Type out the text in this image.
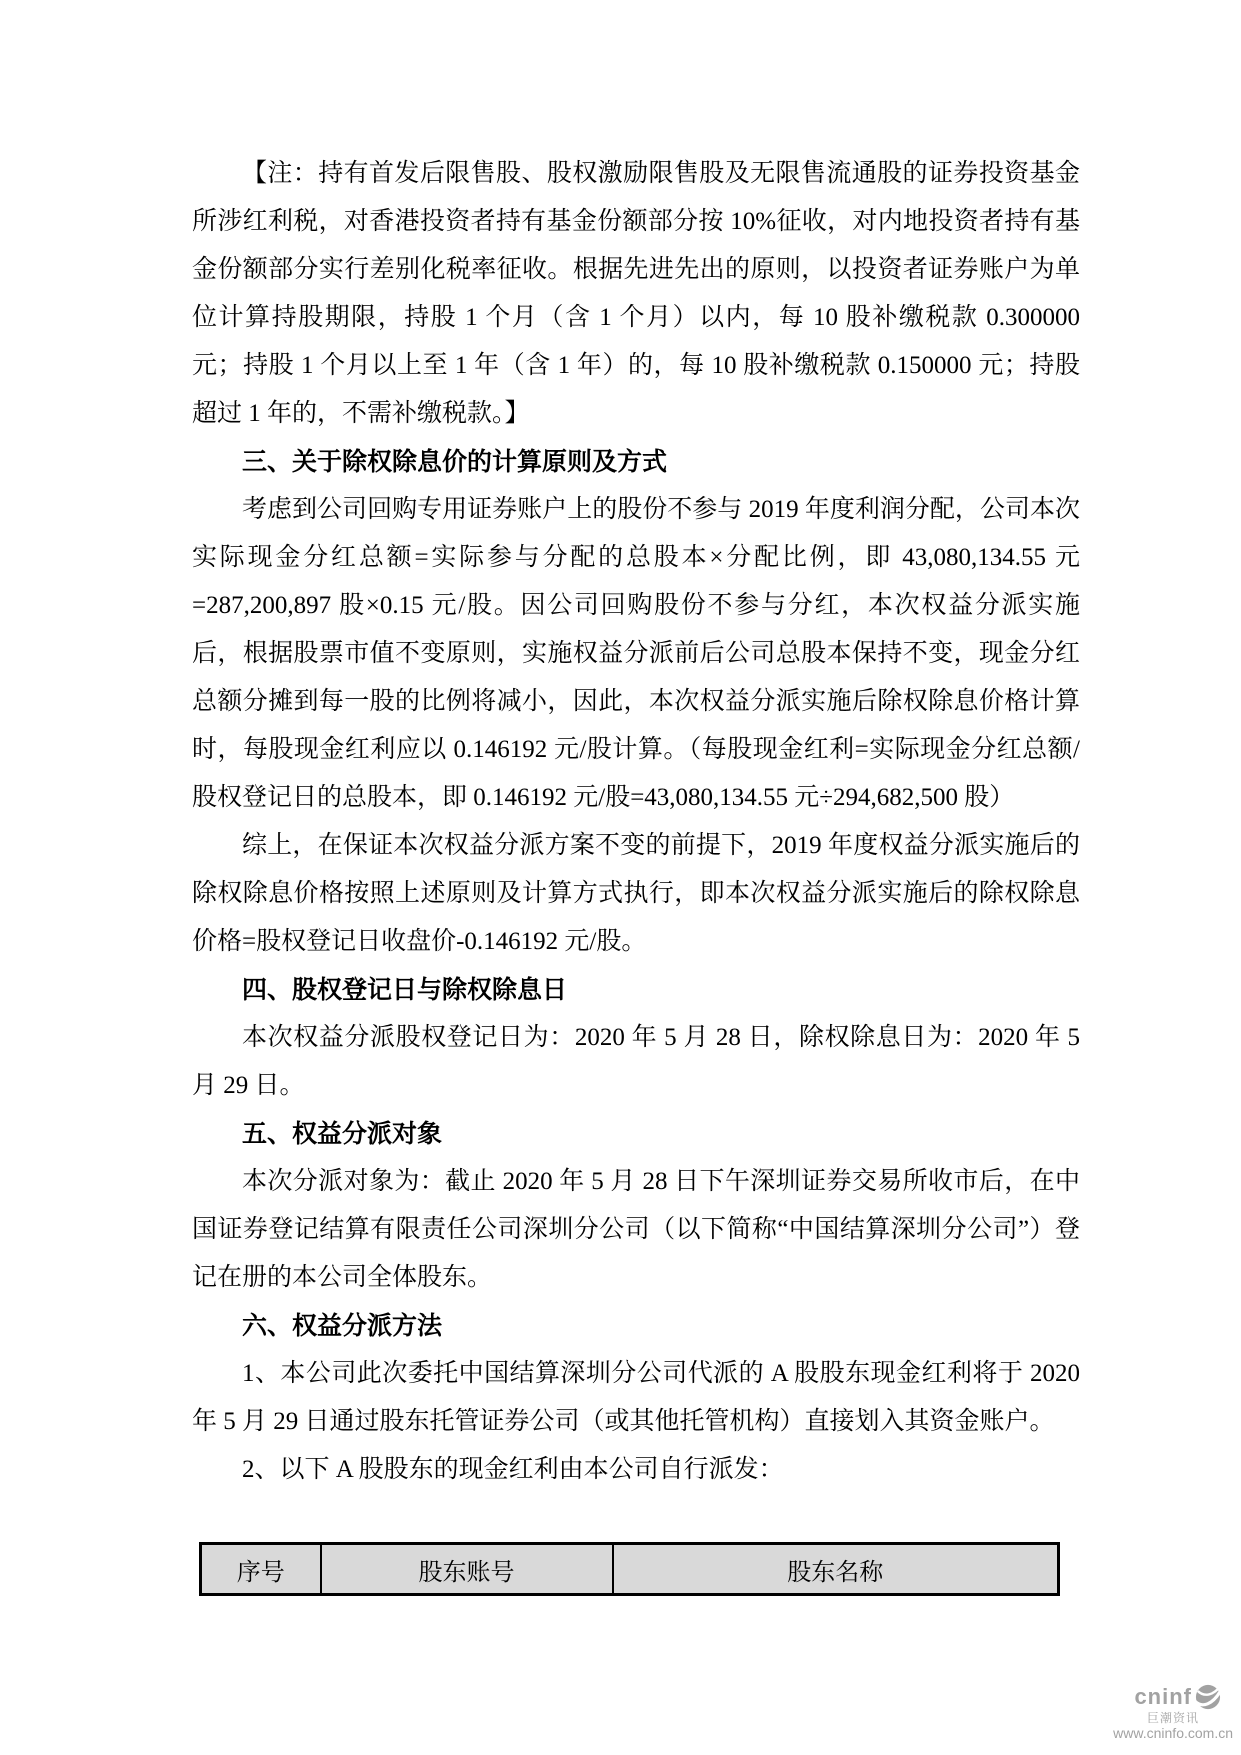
【注：持有首发后限售股、股权激励限售股及无限售流通股的证券投资基金所涉红利税，对香港投资者持有基金份额部分按 10%征收，对内地投资者持有基金份额部分实行差别化税率征收。根据先进先出的原则，以投资者证券账户为单位计算持股期限，持股 1 个月（含 1 个月）以内，每 10 股补缴税款 0.300000 元；持股 1 个月以上至 1 年（含 1 年）的，每 10 股补缴税款 0.150000 元；持股超过 1 年的，不需补缴税款。】

三、关于除权除息价的计算原则及方式

考虑到公司回购专用证券账户上的股份不参与 2019 年度利润分配，公司本次实际现金分红总额=实际参与分配的总股本×分配比例，即 43,080,134.55 元=287,200,897 股×0.15 元/股。因公司回购股份不参与分红，本次权益分派实施后，根据股票市值不变原则，实施权益分派前后公司总股本保持不变，现金分红总额分摊到每一股的比例将减小，因此，本次权益分派实施后除权除息价格计算时，每股现金红利应以 0.146192 元/股计算。（每股现金红利=实际现金分红总额/股权登记日的总股本，即 0.146192 元/股=43,080,134.55 元÷294,682,500 股）

综上，在保证本次权益分派方案不变的前提下，2019 年度权益分派实施后的除权除息价格按照上述原则及计算方式执行，即本次权益分派实施后的除权除息价格=股权登记日收盘价-0.146192 元/股。

四、股权登记日与除权除息日

本次权益分派股权登记日为：2020 年 5 月 28 日，除权除息日为：2020 年 5 月 29 日。

五、权益分派对象

本次分派对象为：截止 2020 年 5 月 28 日下午深圳证券交易所收市后，在中国证券登记结算有限责任公司深圳分公司（以下简称“中国结算深圳分公司”）登记在册的本公司全体股东。

六、权益分派方法

1、本公司此次委托中国结算深圳分公司代派的 A 股股东现金红利将于 2020 年 5 月 29 日通过股东托管证券公司（或其他托管机构）直接划入其资金账户。

2、以下 A 股股东的现金红利由本公司自行派发：

序号	股东账号	股东名称
cninf
巨潮资讯
www.cninfo.com.cn
